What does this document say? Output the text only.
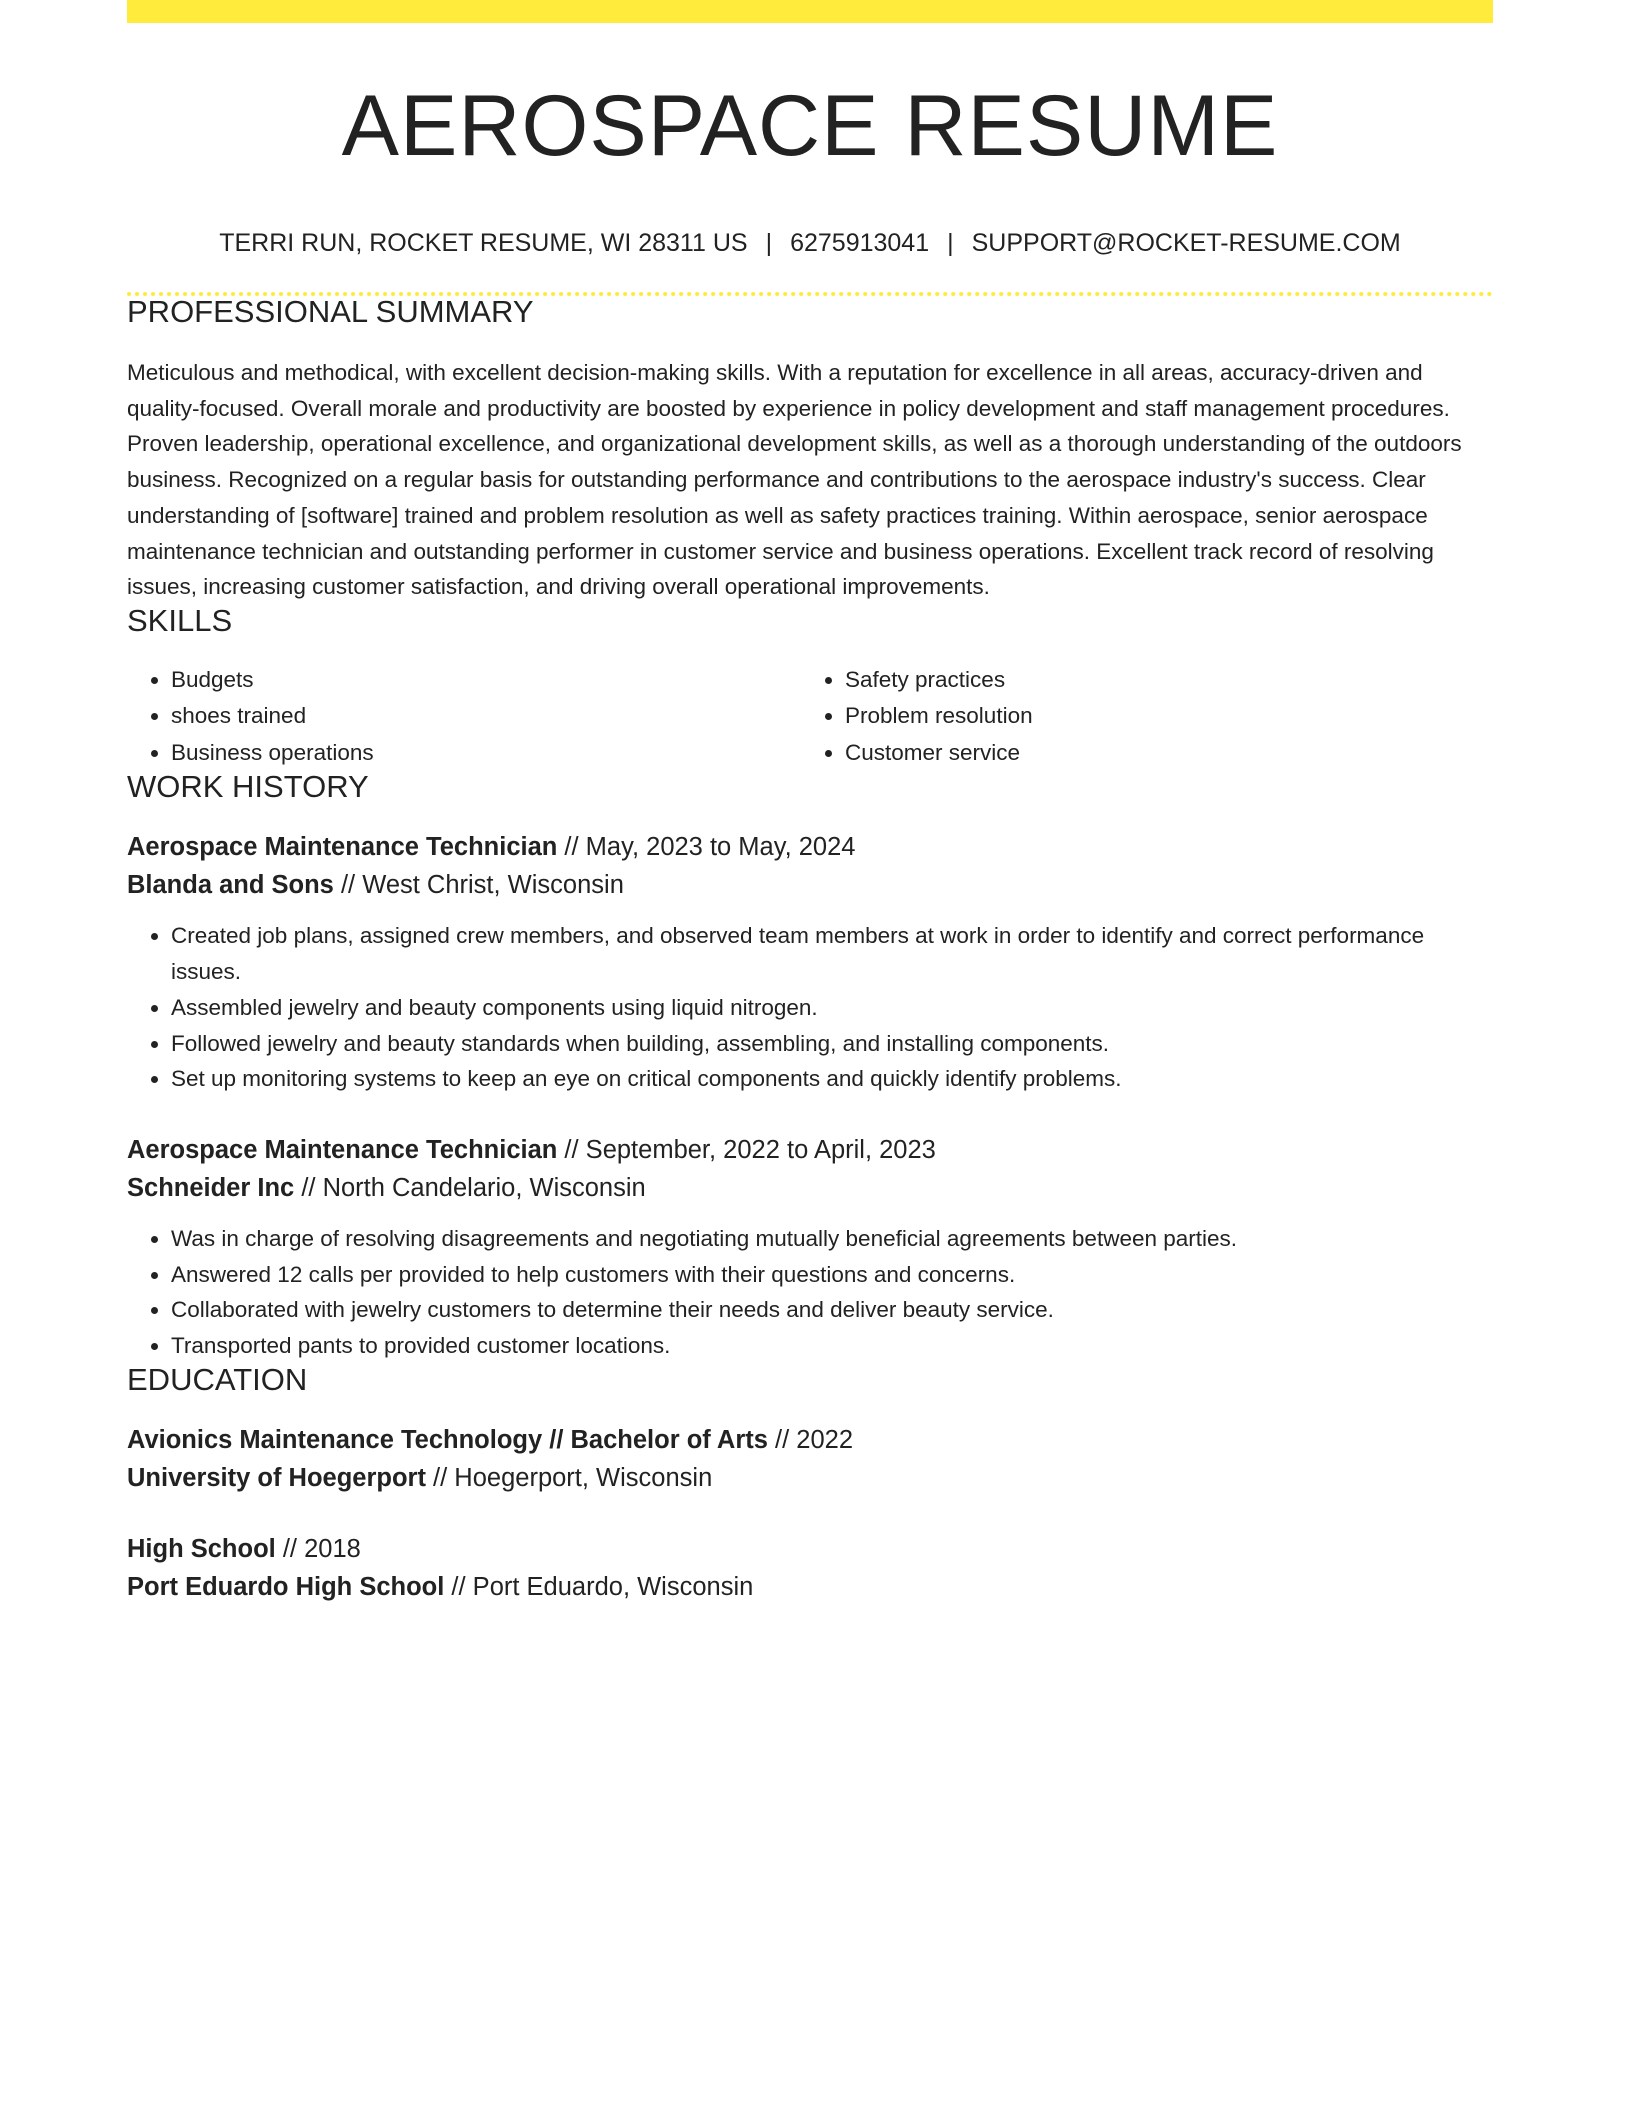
AEROSPACE RESUME
TERRI RUN, ROCKET RESUME, WI 28311 US | 6275913041 | SUPPORT@ROCKET-RESUME.COM
PROFESSIONAL SUMMARY

Meticulous and methodical, with excellent decision-making skills. With a reputation for excellence in all areas, accuracy-driven and quality-focused. Overall morale and productivity are boosted by experience in policy development and staff management procedures. Proven leadership, operational excellence, and organizational development skills, as well as a thorough understanding of the outdoors business. Recognized on a regular basis for outstanding performance and contributions to the aerospace industry's success. Clear understanding of [software] trained and problem resolution as well as safety practices training. Within aerospace, senior aerospace maintenance technician and outstanding performer in customer service and business operations. Excellent track record of resolving issues, increasing customer satisfaction, and driving overall operational improvements.

SKILLS
• Budgets
• shoes trained
• Business operations
• Safety practices
• Problem resolution
• Customer service
WORK HISTORY
Aerospace Maintenance Technician // May, 2023 to May, 2024
Blanda and Sons // West Christ, Wisconsin
• Created job plans, assigned crew members, and observed team members at work in order to identify and correct performance issues.
• Assembled jewelry and beauty components using liquid nitrogen.
• Followed jewelry and beauty standards when building, assembling, and installing components.
• Set up monitoring systems to keep an eye on critical components and quickly identify problems.
Aerospace Maintenance Technician // September, 2022 to April, 2023
Schneider Inc // North Candelario, Wisconsin
• Was in charge of resolving disagreements and negotiating mutually beneficial agreements between parties.
• Answered 12 calls per provided to help customers with their questions and concerns.
• Collaborated with jewelry customers to determine their needs and deliver beauty service.
• Transported pants to provided customer locations.
EDUCATION
Avionics Maintenance Technology // Bachelor of Arts // 2022
University of Hoegerport // Hoegerport, Wisconsin
High School // 2018
Port Eduardo High School // Port Eduardo, Wisconsin
